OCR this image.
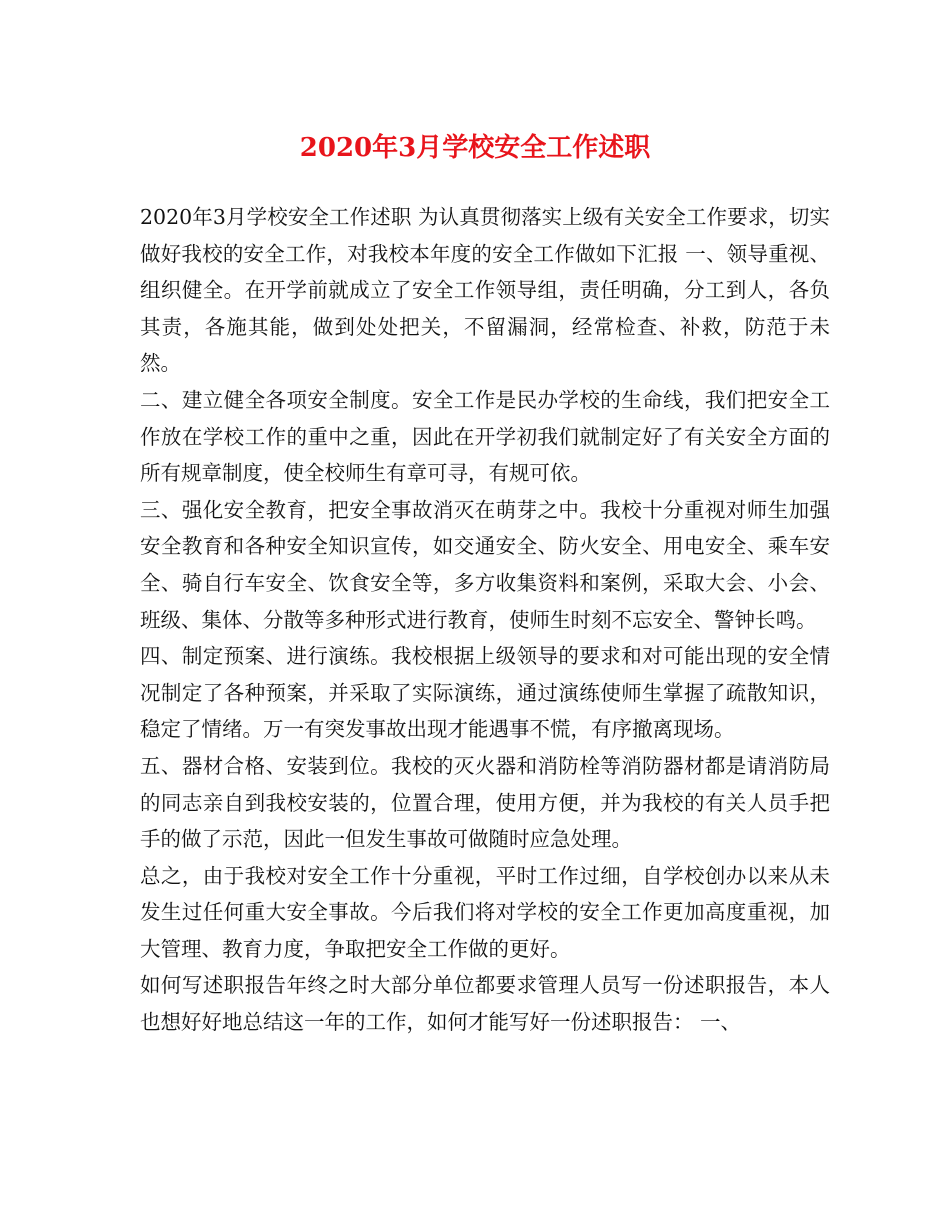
2020年3月学校安全工作述职

2020年3月学校安全工作述职 为认真贯彻落实上级有关安全工作要求，切实做好我校的安全工作，对我校本年度的安全工作做如下汇报 一、领导重视、组织健全。在开学前就成立了安全工作领导组，责任明确，分工到人，各负其责，各施其能，做到处处把关，不留漏洞，经常检查、补救，防范于未然。

二、建立健全各项安全制度。安全工作是民办学校的生命线，我们把安全工作放在学校工作的重中之重，因此在开学初我们就制定好了有关安全方面的所有规章制度，使全校师生有章可寻，有规可依。

三、强化安全教育，把安全事故消灭在萌芽之中。我校十分重视对师生加强安全教育和各种安全知识宣传，如交通安全、防火安全、用电安全、乘车安全、骑自行车安全、饮食安全等，多方收集资料和案例，采取大会、小会、班级、集体、分散等多种形式进行教育，使师生时刻不忘安全、警钟长鸣。

四、制定预案、进行演练。我校根据上级领导的要求和对可能出现的安全情况制定了各种预案，并采取了实际演练，通过演练使师生掌握了疏散知识，稳定了情绪。万一有突发事故出现才能遇事不慌，有序撤离现场。

五、器材合格、安装到位。我校的灭火器和消防栓等消防器材都是请消防局的同志亲自到我校安装的，位置合理，使用方便，并为我校的有关人员手把手的做了示范，因此一但发生事故可做随时应急处理。

总之，由于我校对安全工作十分重视，平时工作过细，自学校创办以来从未发生过任何重大安全事故。今后我们将对学校的安全工作更加高度重视，加大管理、教育力度，争取把安全工作做的更好。

如何写述职报告年终之时大部分单位都要求管理人员写一份述职报告，本人也想好好地总结这一年的工作，如何才能写好一份述职报告： 一、
